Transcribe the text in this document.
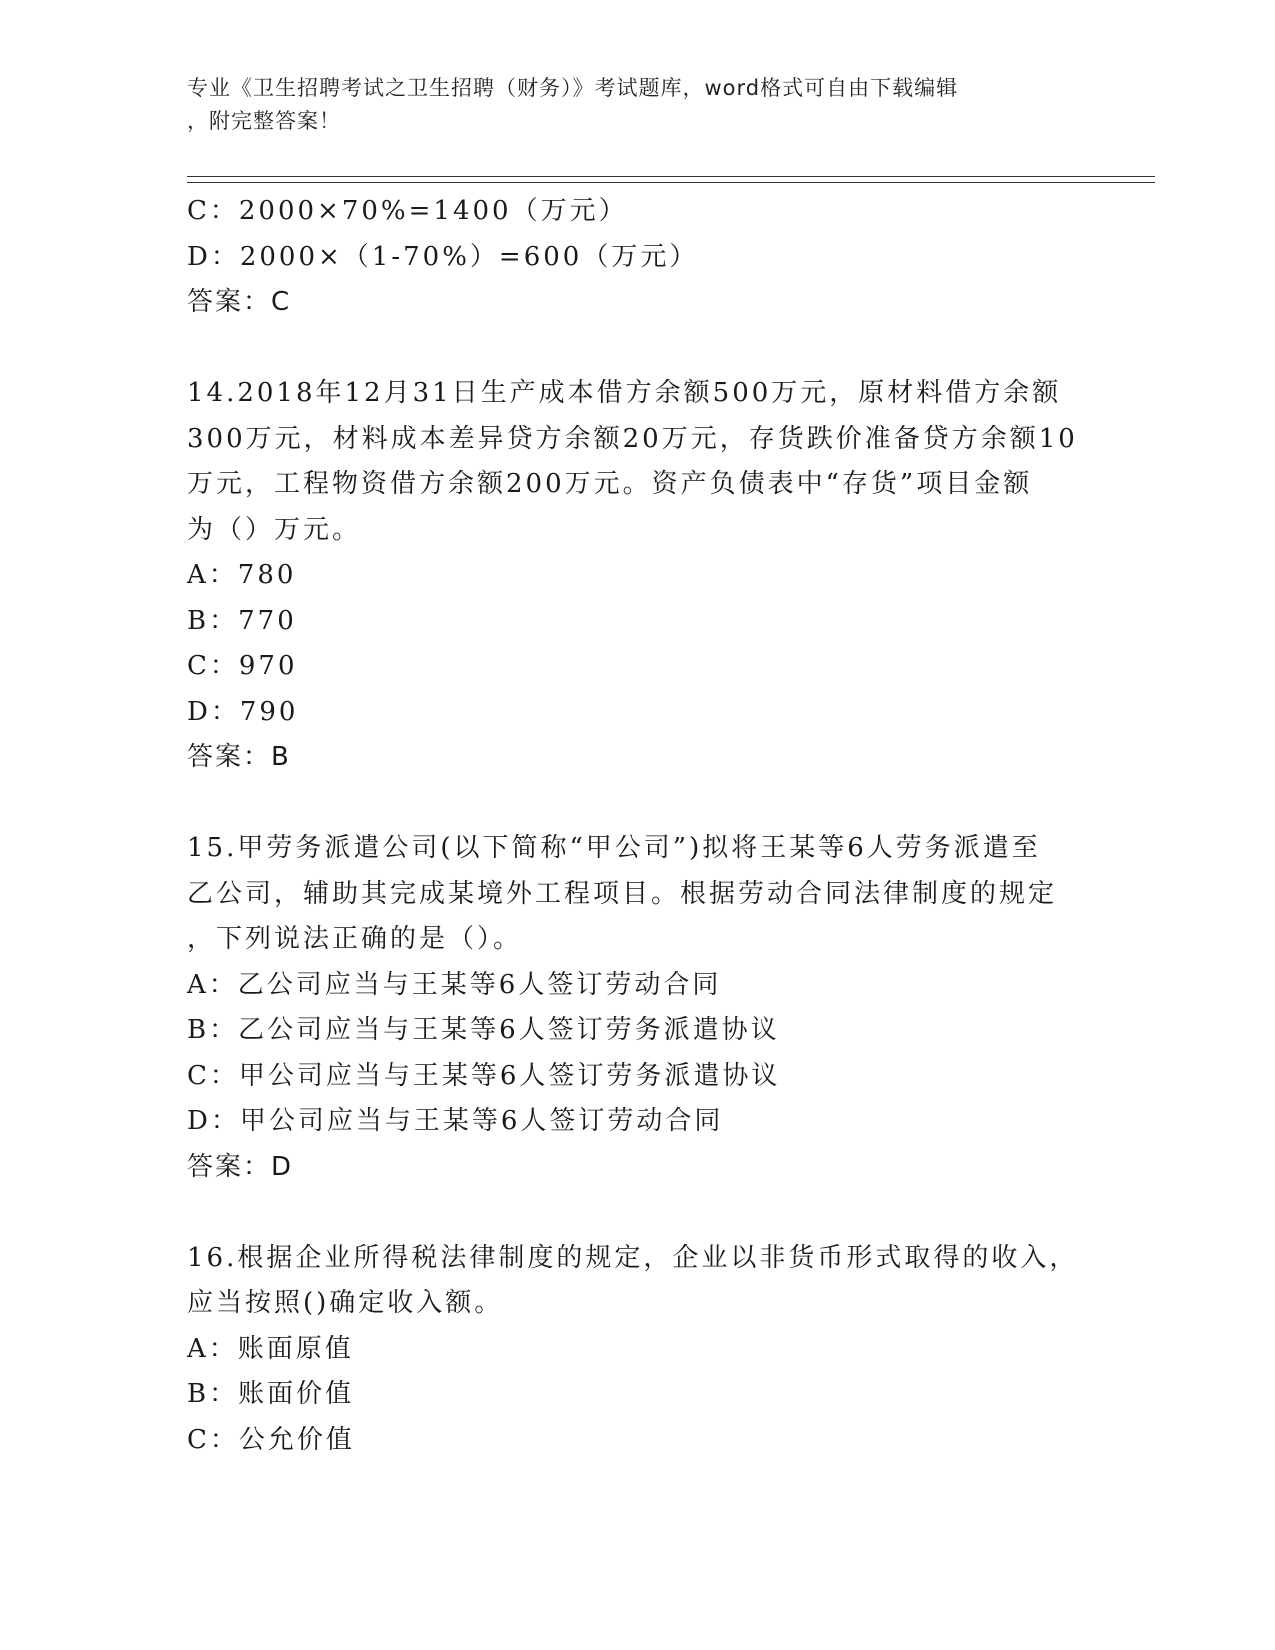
专业《卫生招聘考试之卫生招聘（财务）》考试题库，word格式可自由下载编辑
，附完整答案！
C：2000×70%=1400（万元）
D：2000×（1-70%）=600（万元）
答案：C
14.2018年12月31日生产成本借方余额500万元，原材料借方余额
300万元，材料成本差异贷方余额20万元，存货跌价准备贷方余额10
万元，工程物资借方余额200万元。资产负债表中“存货”项目金额
为（）万元。
A：780
B：770
C：970
D：790
答案：B
15.甲劳务派遣公司(以下简称“甲公司”)拟将王某等6人劳务派遣至
乙公司，辅助其完成某境外工程项目。根据劳动合同法律制度的规定
，下列说法正确的是（）。
A：乙公司应当与王某等6人签订劳动合同
B：乙公司应当与王某等6人签订劳务派遣协议
C：甲公司应当与王某等6人签订劳务派遣协议
D：甲公司应当与王某等6人签订劳动合同
答案：D
16.根据企业所得税法律制度的规定，企业以非货币形式取得的收入，
应当按照()确定收入额。
A：账面原值
B：账面价值
C：公允价值
